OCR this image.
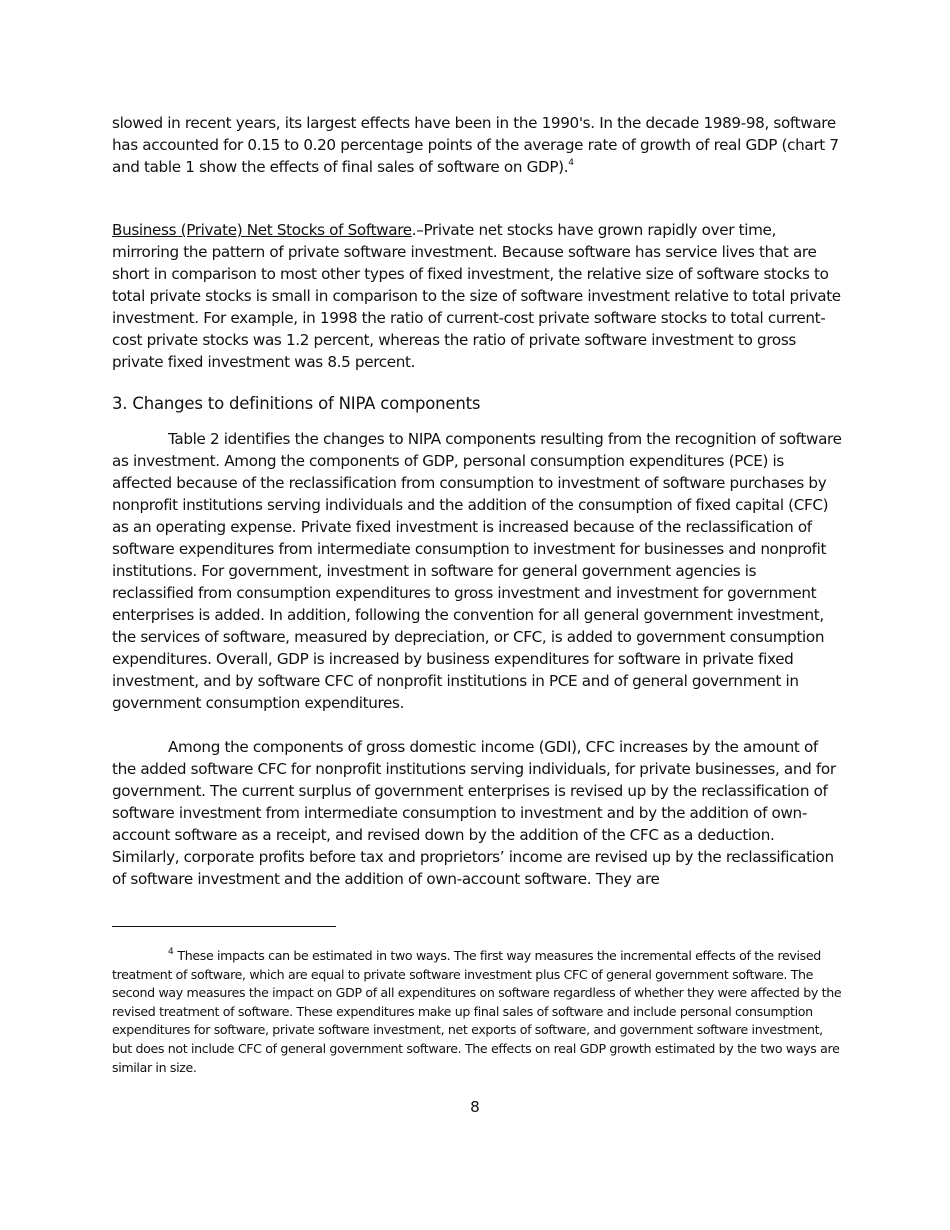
slowed in recent years, its largest effects have been in the 1990's. In the decade 1989-98, software has accounted for 0.15 to 0.20 percentage points of the average rate of growth of real GDP (chart 7 and table 1 show the effects of final sales of software on GDP).$^4$

Business (Private) Net Stocks of Software.–Private net stocks have grown rapidly over time, mirroring the pattern of private software investment. Because software has service lives that are short in comparison to most other types of fixed investment, the relative size of software stocks to total private stocks is small in comparison to the size of software investment relative to total private investment. For example, in 1998 the ratio of current-cost private software stocks to total current-cost private stocks was 1.2 percent, whereas the ratio of private software investment to gross private fixed investment was 8.5 percent.

3. Changes to definitions of NIPA components

Table 2 identifies the changes to NIPA components resulting from the recognition of software as investment. Among the components of GDP, personal consumption expenditures (PCE) is affected because of the reclassification from consumption to investment of software purchases by nonprofit institutions serving individuals and the addition of the consumption of fixed capital (CFC) as an operating expense. Private fixed investment is increased because of the reclassification of software expenditures from intermediate consumption to investment for businesses and nonprofit institutions. For government, investment in software for general government agencies is reclassified from consumption expenditures to gross investment and investment for government enterprises is added. In addition, following the convention for all general government investment, the services of software, measured by depreciation, or CFC, is added to government consumption expenditures. Overall, GDP is increased by business expenditures for software in private fixed investment, and by software CFC of nonprofit institutions in PCE and of general government in government consumption expenditures.

Among the components of gross domestic income (GDI), CFC increases by the amount of the added software CFC for nonprofit institutions serving individuals, for private businesses, and for government. The current surplus of government enterprises is revised up by the reclassification of software investment from intermediate consumption to investment and by the addition of own-account software as a receipt, and revised down by the addition of the CFC as a deduction. Similarly, corporate profits before tax and proprietors’ income are revised up by the reclassification of software investment and the addition of own-account software. They are

$^4$ These impacts can be estimated in two ways. The first way measures the incremental effects of the revised treatment of software, which are equal to private software investment plus CFC of general government software. The second way measures the impact on GDP of all expenditures on software regardless of whether they were affected by the revised treatment of software. These expenditures make up final sales of software and include personal consumption expenditures for software, private software investment, net exports of software, and government software investment, but does not include CFC of general government software. The effects on real GDP growth estimated by the two ways are similar in size.
8
